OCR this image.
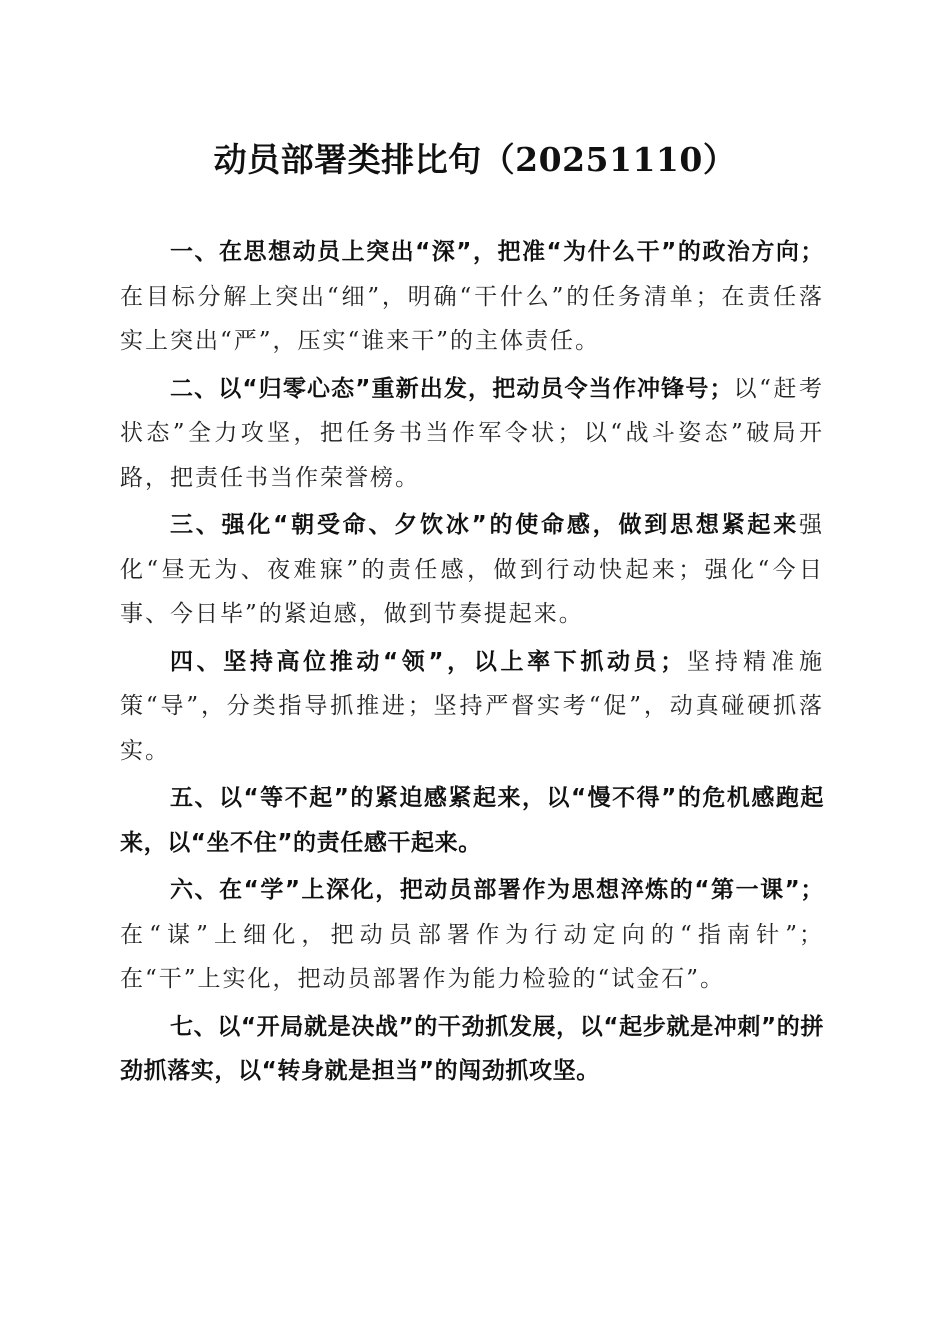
动员部署类排比句（20251110）

一、在思想动员上突出“深”，把准“为什么干”的政治方向；在目标分解上突出“细”，明确“干什么”的任务清单；在责任落实上突出“严”，压实“谁来干”的主体责任。

二、以“归零心态”重新出发，把动员令当作冲锋号；以“赶考状态”全力攻坚，把任务书当作军令状；以“战斗姿态”破局开路，把责任书当作荣誉榜。

三、强化“朝受命、夕饮冰”的使命感，做到思想紧起来强化“昼无为、夜难寐”的责任感，做到行动快起来；强化“今日事、今日毕”的紧迫感，做到节奏提起来。

四、坚持高位推动“领”，以上率下抓动员；坚持精准施策“导”，分类指导抓推进；坚持严督实考“促”，动真碰硬抓落实。

五、以“等不起”的紧迫感紧起来，以“慢不得”的危机感跑起来，以“坐不住”的责任感干起来。

六、在“学”上深化，把动员部署作为思想淬炼的“第一课”；在“谋”上细化，把动员部署作为行动定向的“指南针”；在“干”上实化，把动员部署作为能力检验的“试金石”。

七、以“开局就是决战”的干劲抓发展，以“起步就是冲刺”的拼劲抓落实，以“转身就是担当”的闯劲抓攻坚。
